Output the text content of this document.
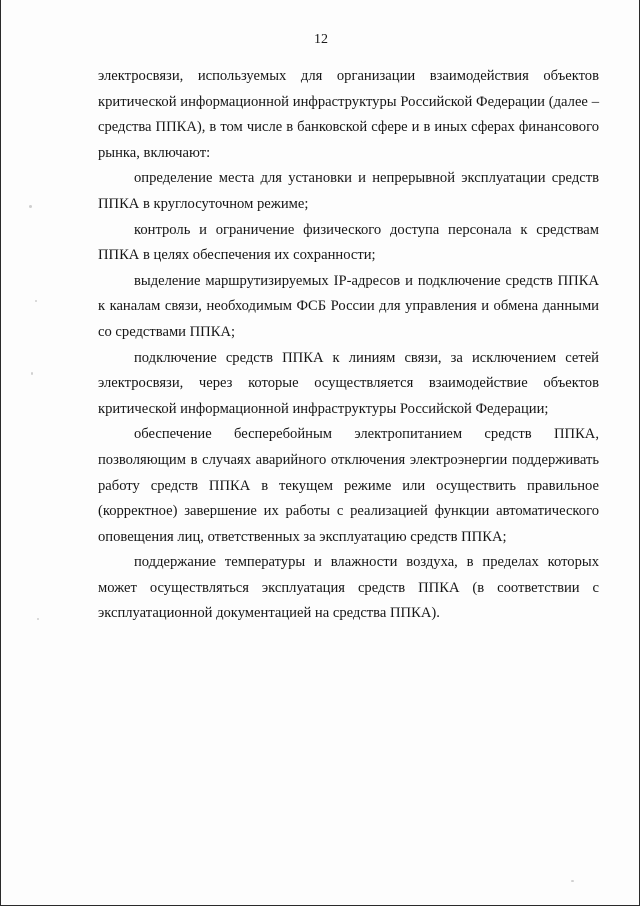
12

электросвязи, используемых для организации взаимодействия объектов критической информационной инфраструктуры Российской Федерации (далее – средства ППКА), в том числе в банковской сфере и в иных сферах финансового рынка, включают:

определение места для установки и непрерывной эксплуатации средств ППКА в круглосуточном режиме;

контроль и ограничение физического доступа персонала к средствам ППКА в целях обеспечения их сохранности;

выделение маршрутизируемых IP-адресов и подключение средств ППКА к каналам связи, необходимым ФСБ России для управления и обмена данными со средствами ППКА;

подключение средств ППКА к линиям связи, за исключением сетей электросвязи, через которые осуществляется взаимодействие объектов критической информационной инфраструктуры Российской Федерации;

обеспечение бесперебойным электропитанием средств ППКА, позволяющим в случаях аварийного отключения электроэнергии поддерживать работу средств ППКА в текущем режиме или осуществить правильное (корректное) завершение их работы с реализацией функции автоматического оповещения лиц, ответственных за эксплуатацию средств ППКА;

поддержание температуры и влажности воздуха, в пределах которых может осуществляться эксплуатация средств ППКА (в соответствии с эксплуатационной документацией на средства ППКА).
